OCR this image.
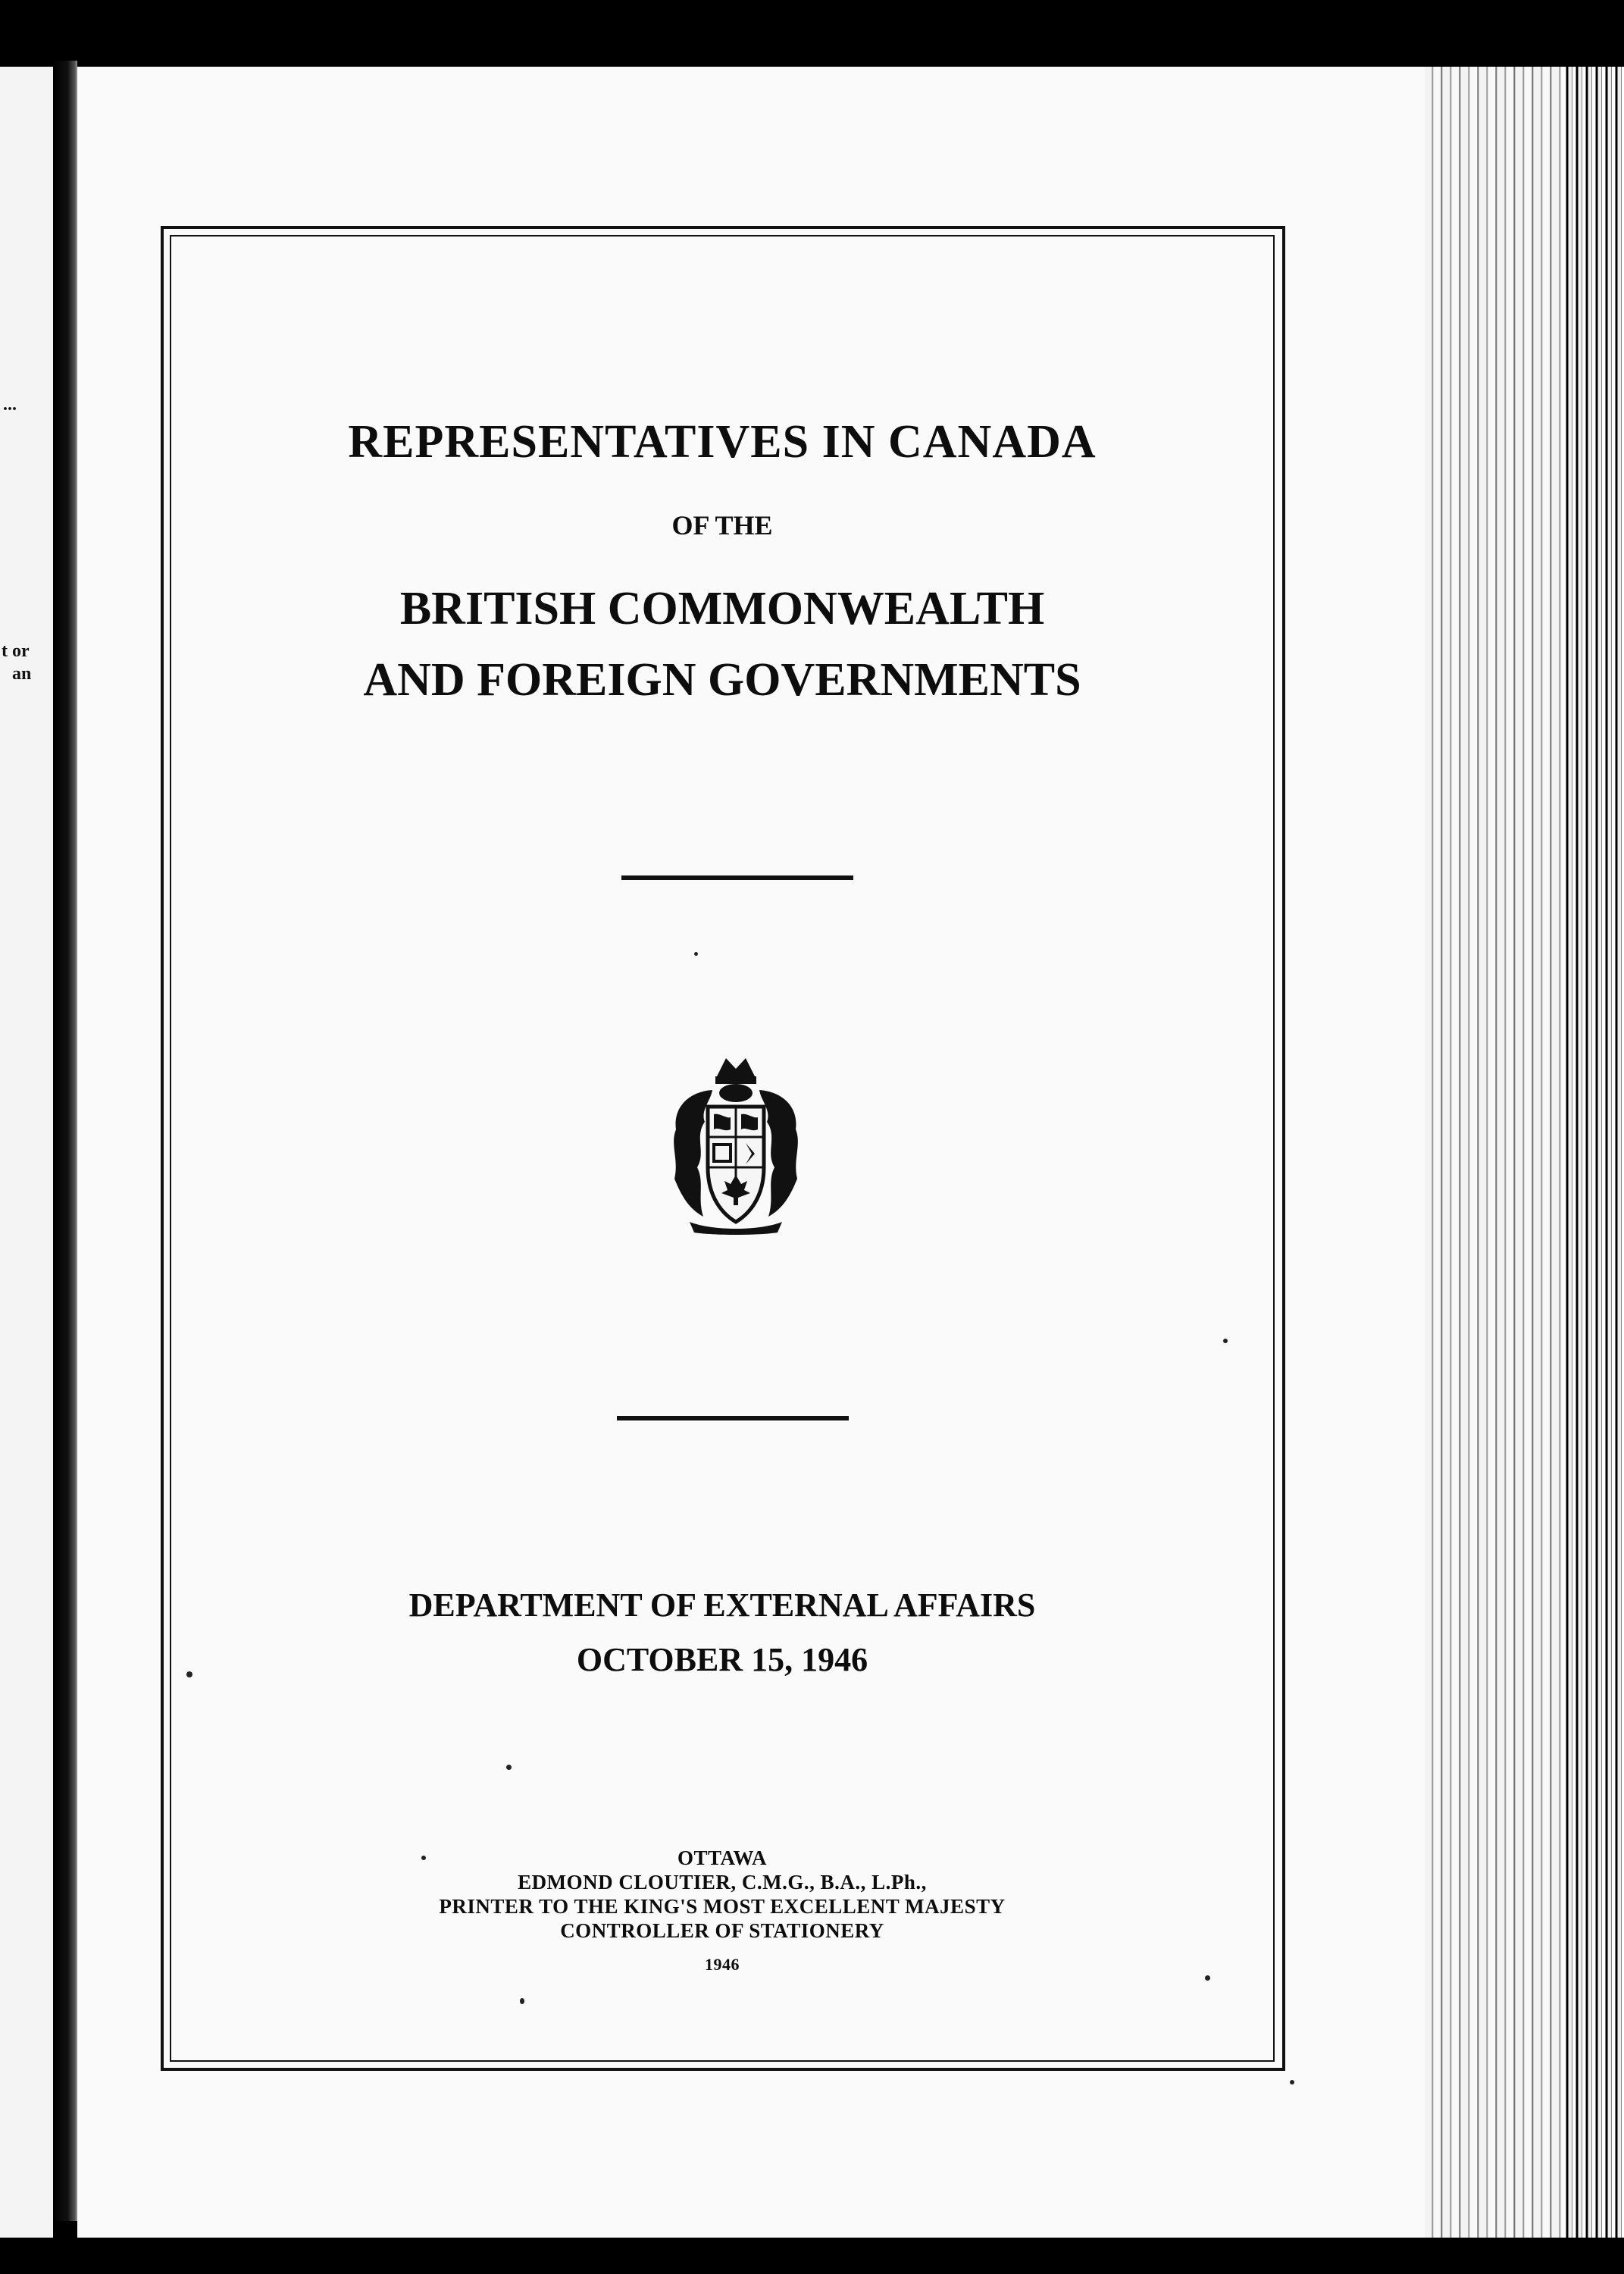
...
t or
an
REPRESENTATIVES IN CANADA
OF THE
BRITISH COMMONWEALTH
AND FOREIGN GOVERNMENTS
DEPARTMENT OF EXTERNAL AFFAIRS
OCTOBER 15, 1946
OTTAWA
EDMOND CLOUTIER, C.M.G., B.A., L.Ph.,
PRINTER TO THE KING'S MOST EXCELLENT MAJESTY
CONTROLLER OF STATIONERY
1946
